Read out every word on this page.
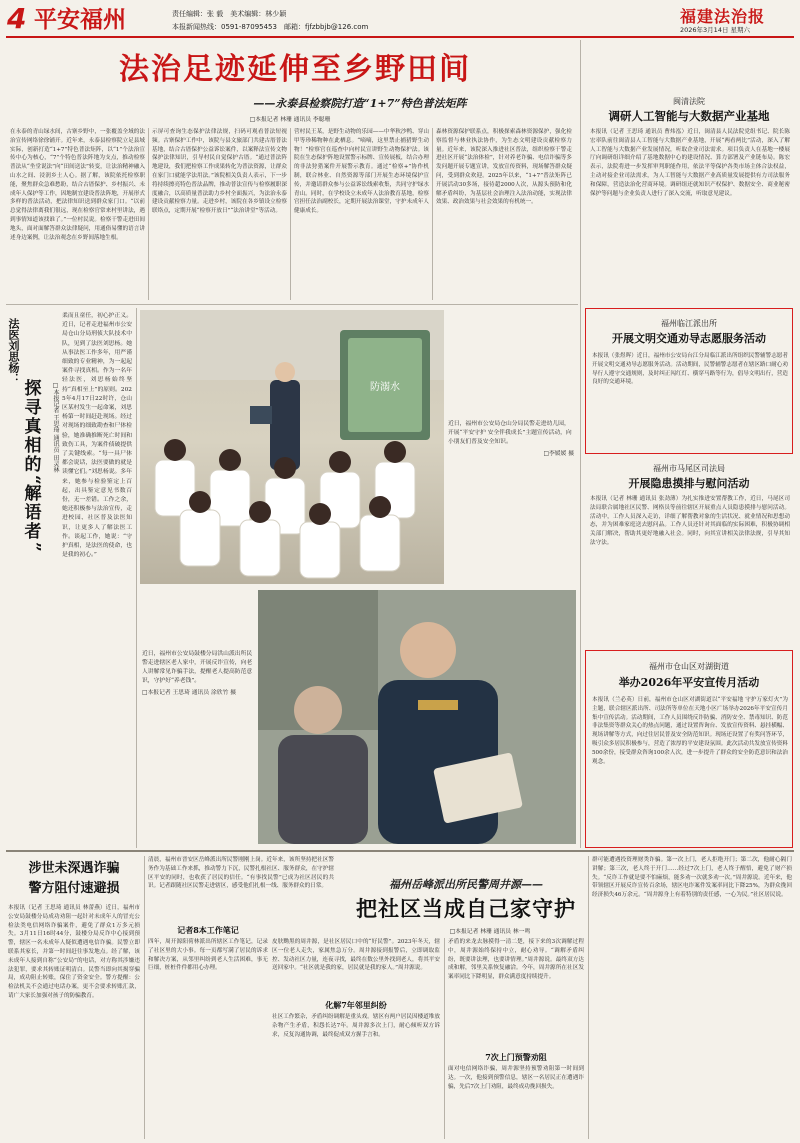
4 平安福州	责任编辑：张 毅　美术编辑：林少颖
本报新闻热线：0591-87095453　邮箱：fjfzbbjb@126.com
福建法治报
2026年3月14日 星期六
法治足迹延伸至乡野田间
——永泰县检察院打造“1+7”特色普法矩阵
□本报记者 林珊 通讯员 李聪珊
在永泰的青山绿水间，古寨乡野中，一张覆盖全域的法治宣传网络徐徐铺开。近年来，永泰县检察院立足县域实际，创新打造“1+7”特色普法矩阵，以“1”个法治宣传中心为核心，“7”个特色普法阵地为支点，推动检察普法从“坐堂说法”向“田间送法”转变，让法治精神融入山水之间、浸润乡土人心。据了解，该院依托检察职能，聚焦群众急难愁盼，结合古厝保护、乡村振兴、未成年人保护等工作，因地制宜建设普法阵地，开展形式多样的普法活动，把法律知识送到群众家门口。“以前总觉得法律离我们很远，现在检察官常来村里讲法，遇到事情知道该找谁了。”一位村民说。检察干警走进田间地头，面对面解答群众法律疑问，用通俗易懂的语言讲述身边案例，让法治观念在乡野间落地生根。
示屏可查询生态保护法律法规，扫码可观看普法短视频。古寨保护工作中，该院与县文旅部门共建古厝普法基地，结合古厝保护公益诉讼案件，以案释法宣传文物保护法律知识，引导村民自觉保护古厝。“通过普法阵地建设，我们把检察工作成果转化为普法资源，让群众在家门口就能学法用法。”该院相关负责人表示，下一步将持续擦亮特色普法品牌，推动普法宣传与检察履职深度融合，以高质量普法助力乡村全面振兴，为法治永泰建设贡献检察力量。走进乡村，该院在各乡镇设立检察联络点，定期开展“检察开放日”“法治讲堂”等活动。
营村民王某，是野生动物的乐园——中华秋沙鸭、穿山甲等珍稀物种在此栖息。“嘀嘀，这里禁止捕猎野生动物！”检察官在巡查中向村民宣讲野生动物保护法。该院在生态保护阵地设置警示标牌、宣传展板，结合办理的非法狩猎案件开展警示教育。通过“检察+”协作机制，联合林业、自然资源等部门开展生态环境保护宣传，并邀请群众参与公益诉讼线索收集，共同守护绿水青山。同时，在学校设立未成年人法治教育基地，检察官担任法治副校长，定期开展法治课堂，守护未成年人健康成长。
森林资源保护联系点，积极探索森林资源保护，强化检察监督与林业执法协作，为生态文明建设贡献检察力量。近年来，该院深入推进社区普法，组织检察干警走进社区开展“法治体检”，针对养老诈骗、电信诈骗等多发问题开展专题宣讲，发放宣传资料，现场解答群众疑问，受到群众欢迎。2025年以来，“1+7”普法矩阵已开展活动30多场，接待超2000人次，从源头预防和化解矛盾纠纷，为基层社会治理注入法治动能，实现法律效果、政治效果与社会效果的有机统一。
闽清法院
调研人工智能与大数据产业基地
本报讯（记者 王思琦 通讯员 曹炜泓）近日，闽清县人民法院党组书记、院长陈宏率队前往闽清县人工智能与大数据产业基地，开展“两看两比”活动，深入了解人工智能与大数据产业发展情况，听取企业司法需求。项目负责人在基地一楼展厅向调研组详细介绍了基地数据中心的建设情况、算力部署及产业链布局。陈宏表示，法院将进一步发挥审判职能作用，依法平等保护各类市场主体合法权益，主动对接企业司法需求，为人工智能与大数据产业高质量发展提供有力司法服务和保障，营造法治化营商环境。调研组还就知识产权保护、数据安全、商业秘密保护等问题与企业负责人进行了深入交流，听取意见建议。
福州临江派出所
开展文明交通劝导志愿服务活动
本报讯（张煜晖）近日，福州市公安局台江分局临江派出所组织民警辅警志愿者开展文明交通劝导志愿服务活动。活动期间，民警辅警志愿者在辖区路口耐心劝导行人遵守交通规则，及时纠正闯红灯、横穿马路等行为，倡导文明出行，营造良好的交通环境。
福州市马尾区司法局
开展隐患摸排与慰问活动
本报讯（记者 林珊 通讯员 张劲薄）为扎实推进安置帮教工作，近日，马尾区司法局联合属地社区民警、网格员等前往辖区开展重点人员隐患摸排与慰问活动。活动中，工作人员深入走访，详细了解帮教对象的生活状况、就业情况和思想动态，并为困难家庭送去慰问品。工作人员还针对其面临的实际困难，积极协调相关部门解决，帮助其更好地融入社会。同时，向其宣讲相关法律法规，引导其知法守法。
福州市仓山区对湖街道
举办2026年平安宣传月活动
本报讯（兰必英）日前，福州市仓山区对湖街道以“平安福地 守护万家灯火”为主题，联合辖区派出所、司法所等单位在天地小区广场举办2026年平安宣传月集中宣传活动。活动期间，工作人员围绕反诈防骗、消防安全、禁毒知识、防范非法集资等群众关心的热点问题，通过设置咨询台、发放宣传资料、悬挂横幅、现场讲解等方式，向过往居民普及安全防范知识。现场还设置了有奖问答环节，吸引众多居民积极参与，营造了浓厚的平安建设氛围。此次活动共发放宣传资料500余份，接受群众咨询100余人次，进一步提升了群众的安全防范意识和法治观念。
法医刘思杨：
探
寻
真
相
的
“
解
语
者
”
□本报记者 王思琦 通讯员 田灵林
柔而且童任，初心护正义。近日，记者走进福州市公安局仓山分局刑侦大队技术中队，见到了法医刘思杨。她从事法医工作多年，用严谨细致的专业精神，为一起起案件寻找真相。作为一名年轻法医，刘思杨始终坚持“真相至上”的原则。2025年4月17日22时许，仓山区某村发生一起命案，刘思杨第一时间赶赴现场。经过对现场的细致勘查和尸体检验，她准确推断死亡时间和致伤工具，为案件侦破提供了关键线索。“每一具尸体都会说话，法医要做的就是读懂它们。”刘思杨说。多年来，她参与检验鉴定上百起，出具鉴定意见书数百份，无一差错。工作之余，她还积极参与法治宣传，走进校园、社区普及法医知识，让更多人了解法医工作。谈起工作，她说：“守护真相，是法医的使命，也是我的初心。”
防溺水
近日，福州市公安局仓山分局民警走进幼儿园，开展“平安守护 安全伴我成长”主题宣传活动，向小朋友们普及安全知识。
□李媛媛 摄
近日，福州市公安局鼓楼分局洪山派出所民警走进辖区老人家中，开展反诈宣传，向老人讲解常见诈骗手法，提醒老人提高防范意识，守护好“养老钱”。
□本报记者 王思琦 通讯员 涂欣竹 摄
涉世未深遇诈骗
警方阻付速避损
本报讯（记者 王思琦 通讯员 林蕾燕）近日，福州市公安局鼓楼分局成功劝阻一起针对未成年人的冒充公检法类电信网络诈骗案件，避免了群众1万多元损失。3月11日16时44分，鼓楼分局反诈中心接到预警，辖区一名未成年人疑似遭遇电信诈骗。民警立即联系其家长，并第一时间赶往事发地点。经了解，该未成年人接到自称“公安局”的电话，对方称其涉嫌违法犯罪，要求其转账证明清白。民警当即向其揭穿骗局，成功阻止转账，保住了资金安全。警方提醒：公检法机关不会通过电话办案，更不会要求转账汇款，请广大家长加强对孩子的防骗教育。
清晨，福州市晋安区岳峰派出所民警刚刚上岗。近年来，该所坚持把社区警务作为基础工作来抓，推动警力下沉，民警扎根社区、服务群众，在守护辖区平安的同时，也收获了居民的信任。“有事找民警”已成为社区居民的共识。记者跟随社区民警走进辖区，感受他们扎根一线、服务群众的日常。
记者8本工作笔记
四年，周开源阳荷林派出所辖区工作笔记，记录了社区里的大小事。每一页都写满了居民的诉求和解决方案，从邻里纠纷到老人生活困难，事无巨细，桩桩件件都用心办理。
福州岳峰派出所民警周井源——
把社区当成自己家守护
□本报记者 林珊 通讯员 林一鸣
皮肤黝黑的周井源，是社区居民口中的“好民警”。2023年冬天，辖区一位老人走失，家属焦急万分。周井源接到报警后，立即调取监控、发动社区力量，连夜寻找，最终在数公里外找到老人，将其平安送回家中。“社区就是我的家，居民就是我的家人。”周井源说。
化解7年邻里纠纷
社区工作繁杂，矛盾纠纷调解是重头戏。辖区有两户居民因楼道堆放杂物产生矛盾，积怨长达7年。周井源多次上门，耐心倾听双方诉求，反复沟通协调，最终促成双方握手言和。
矛盾的来龙去脉摸得一清二楚，接下来的3次调解过程中，周井源始终保持中立，耐心劝导。“调解矛盾纠纷，既要讲法理，也要讲情理。”周井源说。最终双方达成和解，邻里关系恢复融洽。今年，周井源所在社区发案率同比下降明显，群众满意度持续提升。
7次上门预警劝阻
面对电信网络诈骗，周井源坚持预警劝阻第一时间到达。一次，他接到预警信息，辖区一名居民正在遭遇诈骗，先后7次上门劝阻，最终成功挽回损失。
群可能遭遇投资理财类诈骗。第一次上门，老人拒绝开门；第二次，他耐心隔门讲解；第三次，老人终于开门……经过7次上门，老人终于醒悟，避免了财产损失。“反诈工作就是要不怕麻烦，能多劝一次就多劝一次。”周井源说。近年来，他带领辖区开展反诈宣传百余场，辖区电诈案件发案率同比下降25%，为群众挽回经济损失46万余元。“周井源身上有着特别的责任感，一心为民。”社区居民说。
